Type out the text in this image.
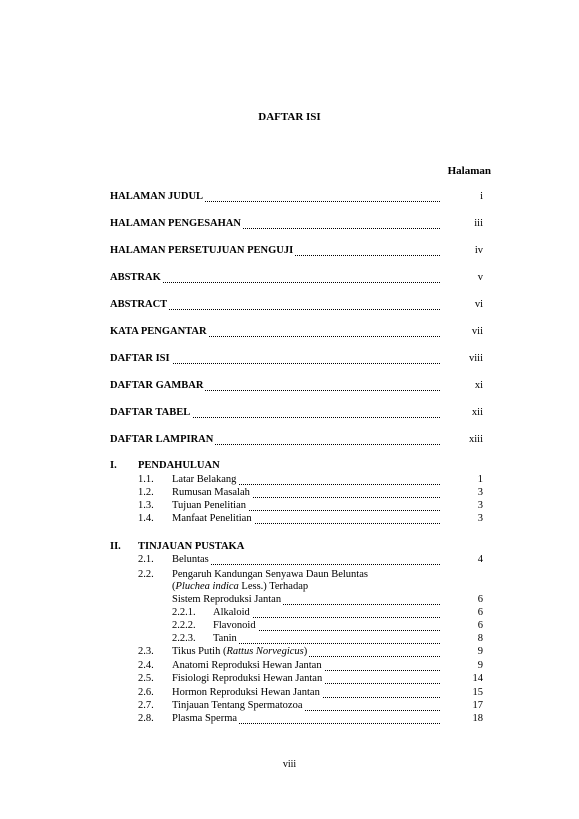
DAFTAR ISI
Halaman
HALAMAN JUDUL	i
HALAMAN PENGESAHAN	iii
HALAMAN PERSETUJUAN PENGUJI	iv
ABSTRAK	v
ABSTRACT	vi
KATA PENGANTAR	vii
DAFTAR ISI	viii
DAFTAR GAMBAR	xi
DAFTAR TABEL	xii
DAFTAR LAMPIRAN	xiii
I. PENDAHULUAN
1.1. Latar Belakang	1
1.2. Rumusan Masalah	3
1.3. Tujuan Penelitian	3
1.4. Manfaat Penelitian	3
II. TINJAUAN PUSTAKA
2.1. Beluntas	4
2.2. Pengaruh Kandungan Senyawa Daun Beluntas
(Pluchea indica Less.) Terhadap
Sistem Reproduksi Jantan	6
2.2.1. Alkaloid	6
2.2.2. Flavonoid	6
2.2.3. Tanin	8
2.3. Tikus Putih (Rattus Norvegicus)	9
2.4. Anatomi Reproduksi Hewan Jantan	9
2.5. Fisiologi Reproduksi Hewan Jantan	14
2.6. Hormon Reproduksi Hewan Jantan	15
2.7. Tinjauan Tentang Spermatozoa	17
2.8. Plasma Sperma	18
viii
